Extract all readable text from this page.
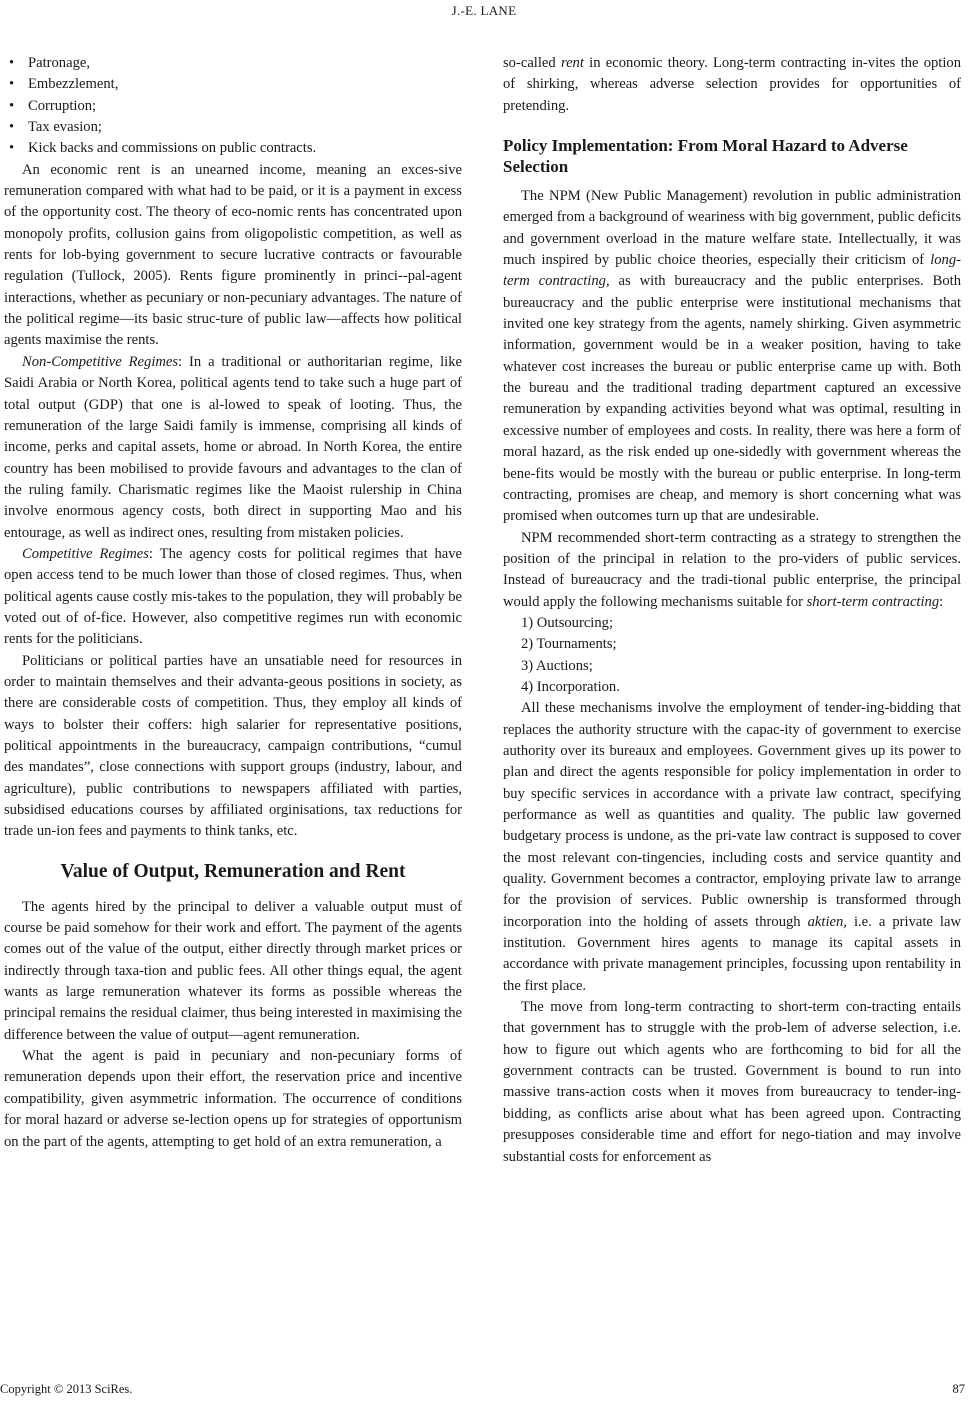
J.-E. LANE
• Patronage,
• Embezzlement,
• Corruption;
• Tax evasion;
• Kick backs and commissions on public contracts.

An economic rent is an unearned income, meaning an exces-sive remuneration compared with what had to be paid, or it is a payment in excess of the opportunity cost. The theory of eco-nomic rents has concentrated upon monopoly profits, collusion gains from oligopolistic competition, as well as rents for lob-bying government to secure lucrative contracts or favourable regulation (Tullock, 2005). Rents figure prominently in princi--pal-agent interactions, whether as pecuniary or non-pecuniary advantages. The nature of the political regime—its basic struc-ture of public law—affects how political agents maximise the rents.

Non-Competitive Regimes: In a traditional or authoritarian regime, like Saidi Arabia or North Korea, political agents tend to take such a huge part of total output (GDP) that one is al-lowed to speak of looting. Thus, the remuneration of the large Saidi family is immense, comprising all kinds of income, perks and capital assets, home or abroad. In North Korea, the entire country has been mobilised to provide favours and advantages to the clan of the ruling family. Charismatic regimes like the Maoist rulership in China involve enormous agency costs, both direct in supporting Mao and his entourage, as well as indirect ones, resulting from mistaken policies.

Competitive Regimes: The agency costs for political regimes that have open access tend to be much lower than those of closed regimes. Thus, when political agents cause costly mis-takes to the population, they will probably be voted out of of-fice. However, also competitive regimes run with economic rents for the politicians.

Politicians or political parties have an unsatiable need for resources in order to maintain themselves and their advanta-geous positions in society, as there are considerable costs of competition. Thus, they employ all kinds of ways to bolster their coffers: high salarier for representative positions, political appointments in the bureaucracy, campaign contributions, “cumul des mandates”, close connections with support groups (industry, labour, and agriculture), public contributions to newspapers affiliated with parties, subsidised educations courses by affiliated orginisations, tax reductions for trade un-ion fees and payments to think tanks, etc.

Value of Output, Remuneration and Rent

The agents hired by the principal to deliver a valuable output must of course be paid somehow for their work and effort. The payment of the agents comes out of the value of the output, either directly through market prices or indirectly through taxa-tion and public fees. All other things equal, the agent wants as large remuneration whatever its forms as possible whereas the principal remains the residual claimer, thus being interested in maximising the difference between the value of output—agent remuneration.

What the agent is paid in pecuniary and non-pecuniary forms of remuneration depends upon their effort, the reservation price and incentive compatibility, given asymmetric information. The occurrence of conditions for moral hazard or adverse se-lection opens up for strategies of opportunism on the part of the agents, attempting to get hold of an extra remuneration, a

so-called rent in economic theory. Long-term contracting in-vites the option of shirking, whereas adverse selection provides for opportunities of pretending.

Policy Implementation: From Moral Hazard to Adverse Selection

The NPM (New Public Management) revolution in public administration emerged from a background of weariness with big government, public deficits and government overload in the mature welfare state. Intellectually, it was much inspired by public choice theories, especially their criticism of long-term contracting, as with bureaucracy and the public enterprises. Both bureaucracy and the public enterprise were institutional mechanisms that invited one key strategy from the agents, namely shirking. Given asymmetric information, government would be in a weaker position, having to take whatever cost increases the bureau or public enterprise came up with. Both the bureau and the traditional trading department captured an excessive remuneration by expanding activities beyond what was optimal, resulting in excessive number of employees and costs. In reality, there was here a form of moral hazard, as the risk ended up one-sidedly with government whereas the bene-fits would be mostly with the bureau or public enterprise. In long-term contracting, promises are cheap, and memory is short concerning what was promised when outcomes turn up that are undesirable.

NPM recommended short-term contracting as a strategy to strengthen the position of the principal in relation to the pro-viders of public services. Instead of bureaucracy and the tradi-tional public enterprise, the principal would apply the following mechanisms suitable for short-term contracting:

1) Outsourcing;
2) Tournaments;
3) Auctions;
4) Incorporation.

All these mechanisms involve the employment of tender-ing-bidding that replaces the authority structure with the capac-ity of government to exercise authority over its bureaux and employees. Government gives up its power to plan and direct the agents responsible for policy implementation in order to buy specific services in accordance with a private law contract, specifying performance as well as quantities and quality. The public law governed budgetary process is undone, as the pri-vate law contract is supposed to cover the most relevant con-tingencies, including costs and service quantity and quality. Government becomes a contractor, employing private law to arrange for the provision of services. Public ownership is transformed through incorporation into the holding of assets through aktien, i.e. a private law institution. Government hires agents to manage its capital assets in accordance with private management principles, focussing upon rentability in the first place.

The move from long-term contracting to short-term con-tracting entails that government has to struggle with the prob-lem of adverse selection, i.e. how to figure out which agents who are forthcoming to bid for all the government contracts can be trusted. Government is bound to run into massive trans-action costs when it moves from bureaucracy to tender-ing-bidding, as conflicts arise about what has been agreed upon. Contracting presupposes considerable time and effort for nego-tiation and may involve substantial costs for enforcement as

Copyright © 2013 SciRes.	87
